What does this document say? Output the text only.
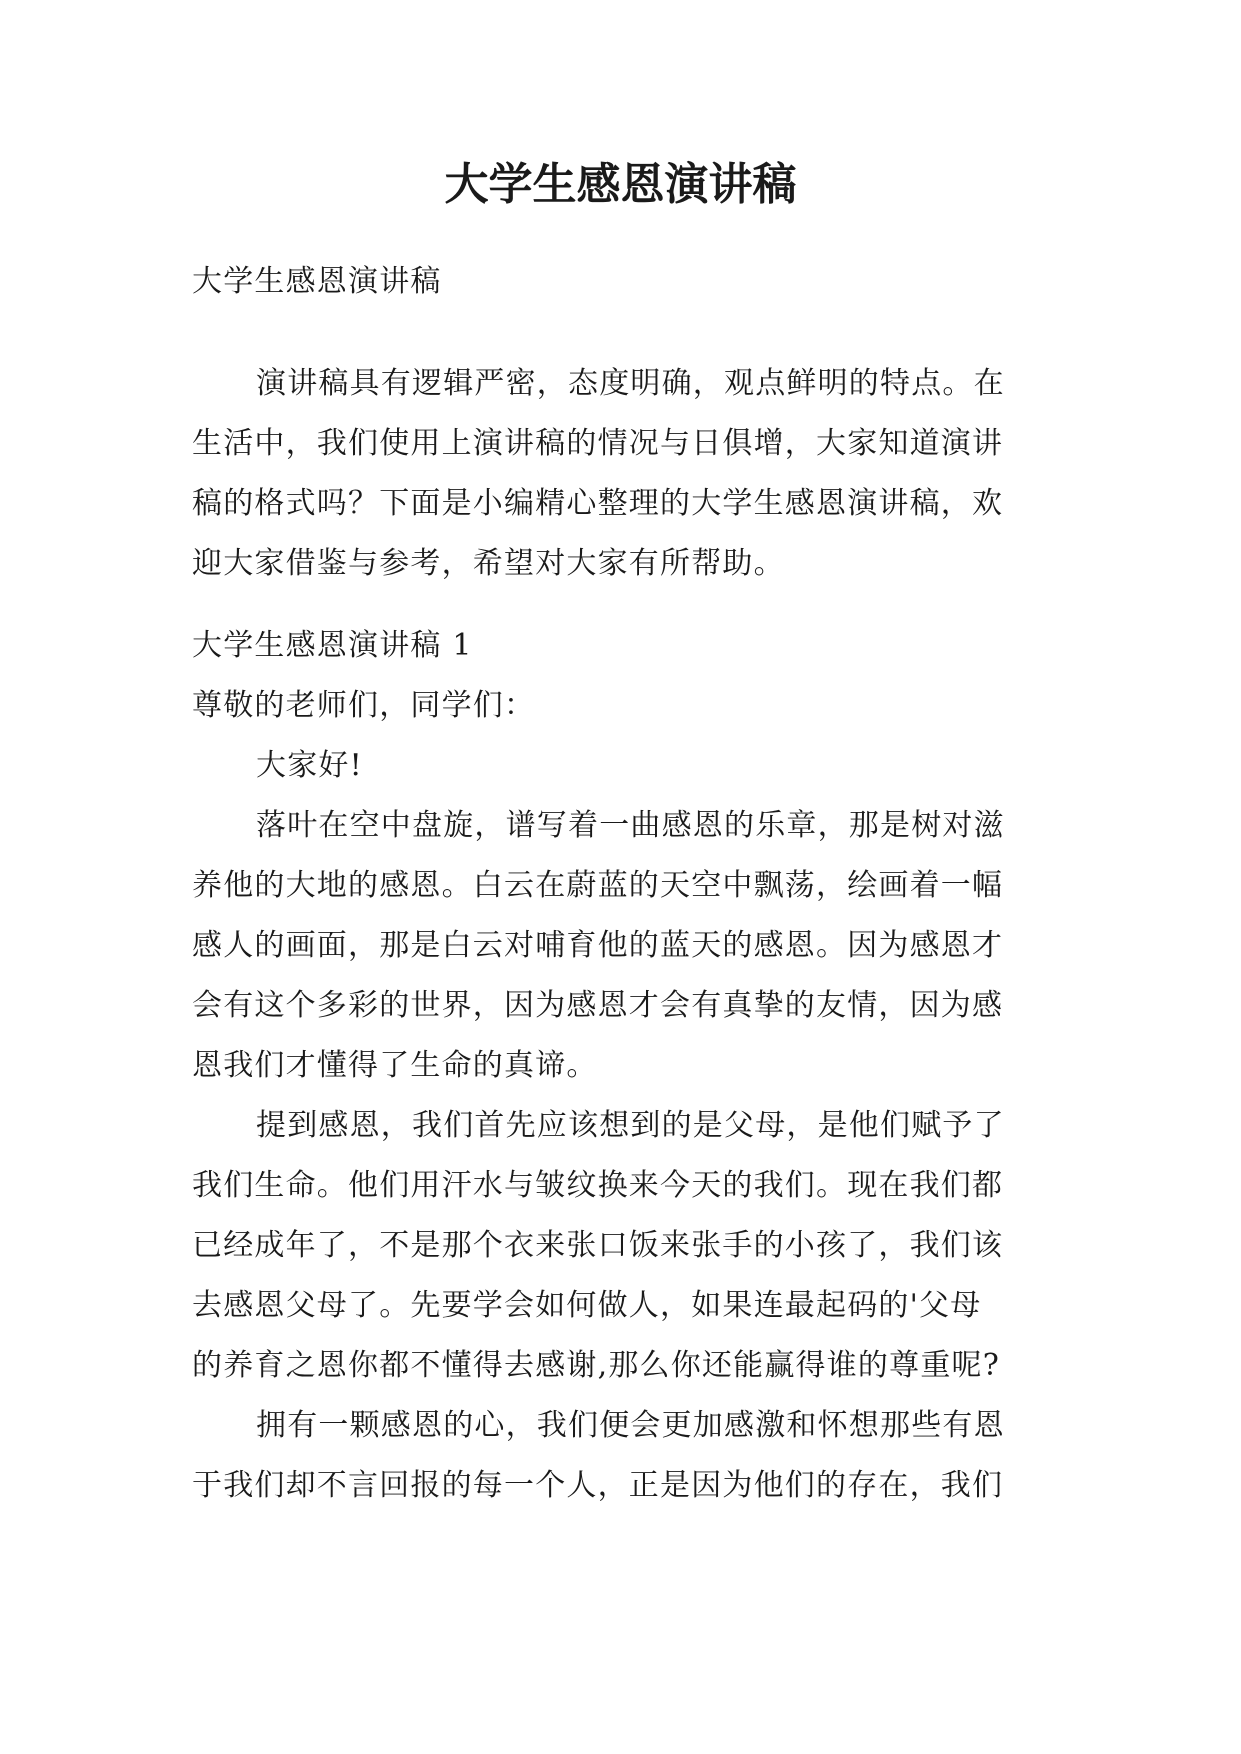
大学生感恩演讲稿

大学生感恩演讲稿

演讲稿具有逻辑严密，态度明确，观点鲜明的特点。在
生活中，我们使用上演讲稿的情况与日俱增，大家知道演讲
稿的格式吗？下面是小编精心整理的大学生感恩演讲稿，欢
迎大家借鉴与参考，希望对大家有所帮助。

大学生感恩演讲稿 1
尊敬的老师们，同学们：
大家好!
落叶在空中盘旋，谱写着一曲感恩的乐章，那是树对滋
养他的大地的感恩。白云在蔚蓝的天空中飘荡，绘画着一幅
感人的画面，那是白云对哺育他的蓝天的感恩。因为感恩才
会有这个多彩的世界，因为感恩才会有真挚的友情，因为感
恩我们才懂得了生命的真谛。
提到感恩，我们首先应该想到的是父母，是他们赋予了
我们生命。他们用汗水与皱纹换来今天的我们。现在我们都
已经成年了，不是那个衣来张口饭来张手的小孩了，我们该
去感恩父母了。先要学会如何做人，如果连最起码的'父母
的养育之恩你都不懂得去感谢,那么你还能赢得谁的尊重呢?
拥有一颗感恩的心，我们便会更加感激和怀想那些有恩
于我们却不言回报的每一个人，正是因为他们的存在，我们
